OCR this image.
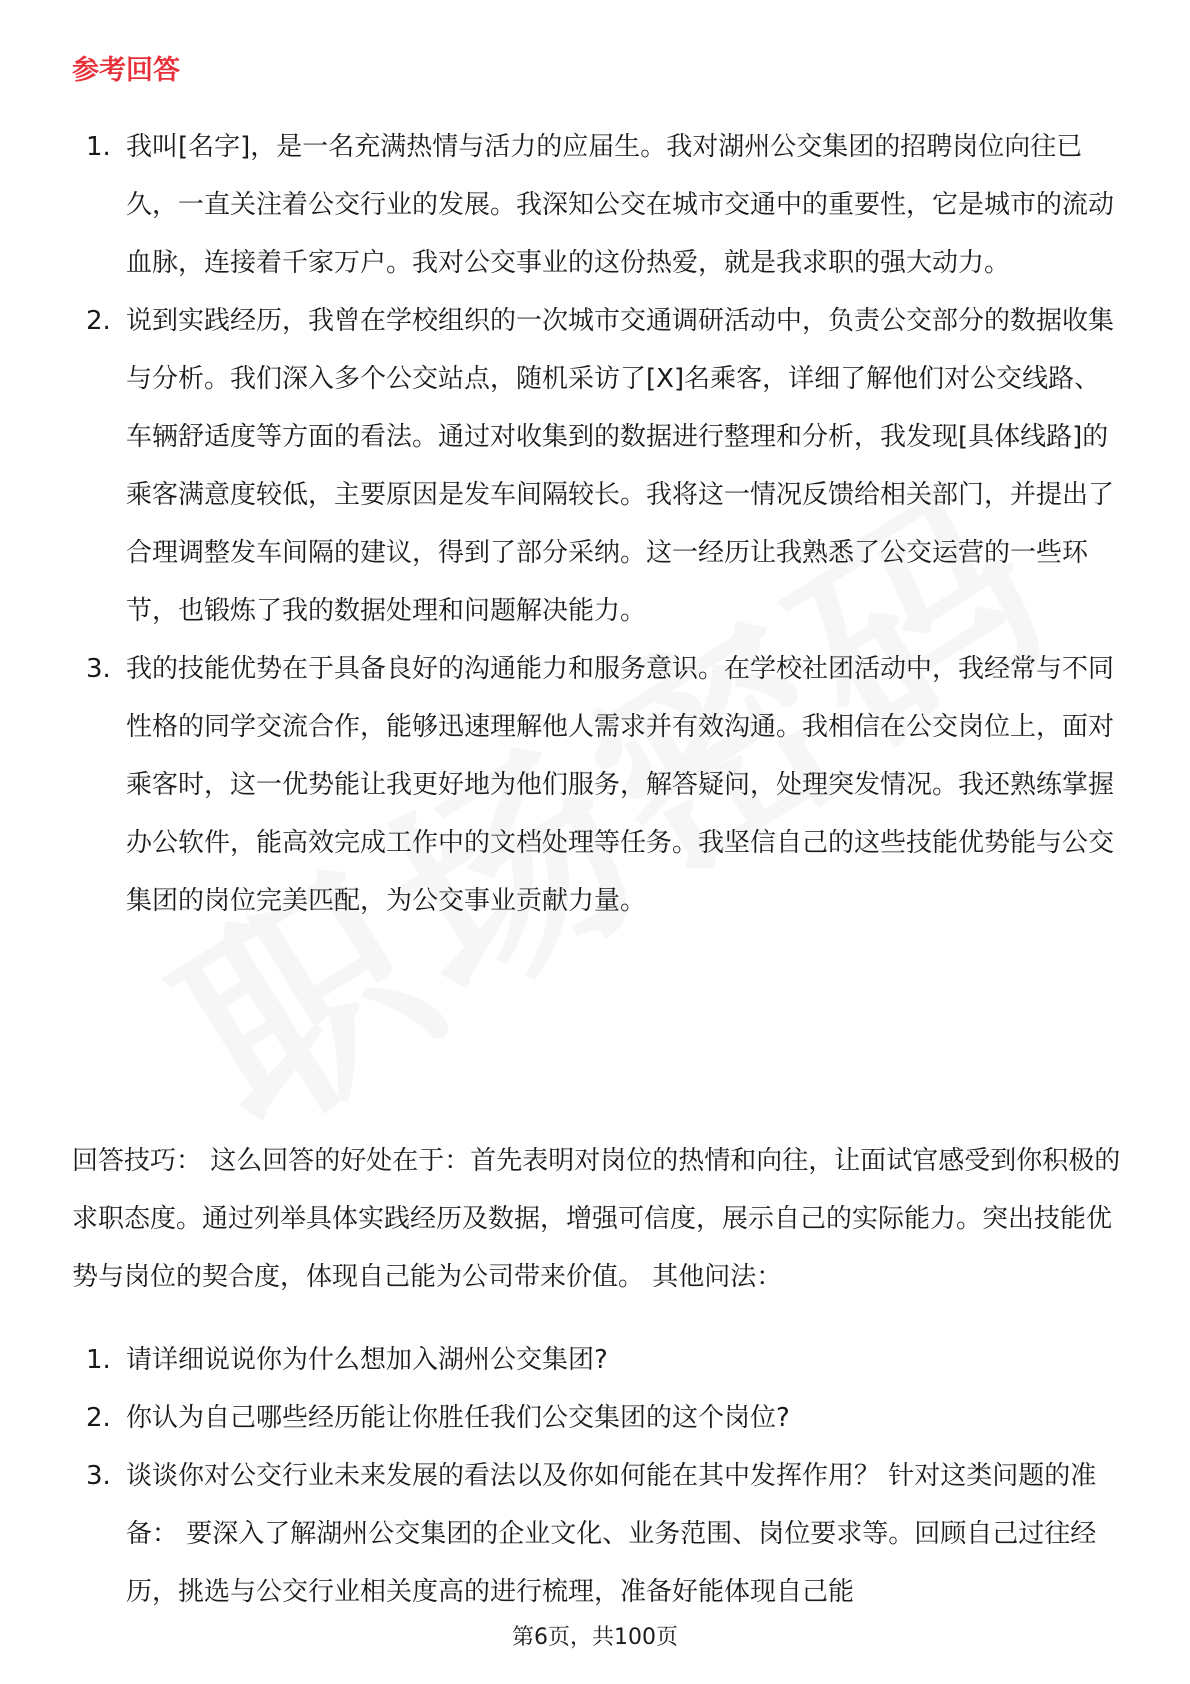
参考回答
1. 我叫[名字]，是一名充满热情与活力的应届生。我对湖州公交集团的招聘岗位向往已久，一直关注着公交行业的发展。我深知公交在城市交通中的重要性，它是城市的流动血脉，连接着千家万户。我对公交事业的这份热爱，就是我求职的强大动力。
2. 说到实践经历，我曾在学校组织的一次城市交通调研活动中，负责公交部分的数据收集与分析。我们深入多个公交站点，随机采访了[X]名乘客，详细了解他们对公交线路、车辆舒适度等方面的看法。通过对收集到的数据进行整理和分析，我发现[具体线路]的乘客满意度较低，主要原因是发车间隔较长。我将这一情况反馈给相关部门，并提出了合理调整发车间隔的建议，得到了部分采纳。这一经历让我熟悉了公交运营的一些环节，也锻炼了我的数据处理和问题解决能力。
3. 我的技能优势在于具备良好的沟通能力和服务意识。在学校社团活动中，我经常与不同性格的同学交流合作，能够迅速理解他人需求并有效沟通。我相信在公交岗位上，面对乘客时，这一优势能让我更好地为他们服务，解答疑问，处理突发情况。我还熟练掌握办公软件，能高效完成工作中的文档处理等任务。我坚信自己的这些技能优势能与公交集团的岗位完美匹配，为公交事业贡献力量。

回答技巧： 这么回答的好处在于：首先表明对岗位的热情和向往，让面试官感受到你积极的求职态度。通过列举具体实践经历及数据，增强可信度，展示自己的实际能力。突出技能优势与岗位的契合度，体现自己能为公司带来价值。 其他问法：

1. 请详细说说你为什么想加入湖州公交集团?
2. 你认为自己哪些经历能让你胜任我们公交集团的这个岗位?
3. 谈谈你对公交行业未来发展的看法以及你如何能在其中发挥作用？ 针对这类问题的准备： 要深入了解湖州公交集团的企业文化、业务范围、岗位要求等。回顾自己过往经历，挑选与公交行业相关度高的进行梳理，准备好能体现自己能
第6页，共100页
